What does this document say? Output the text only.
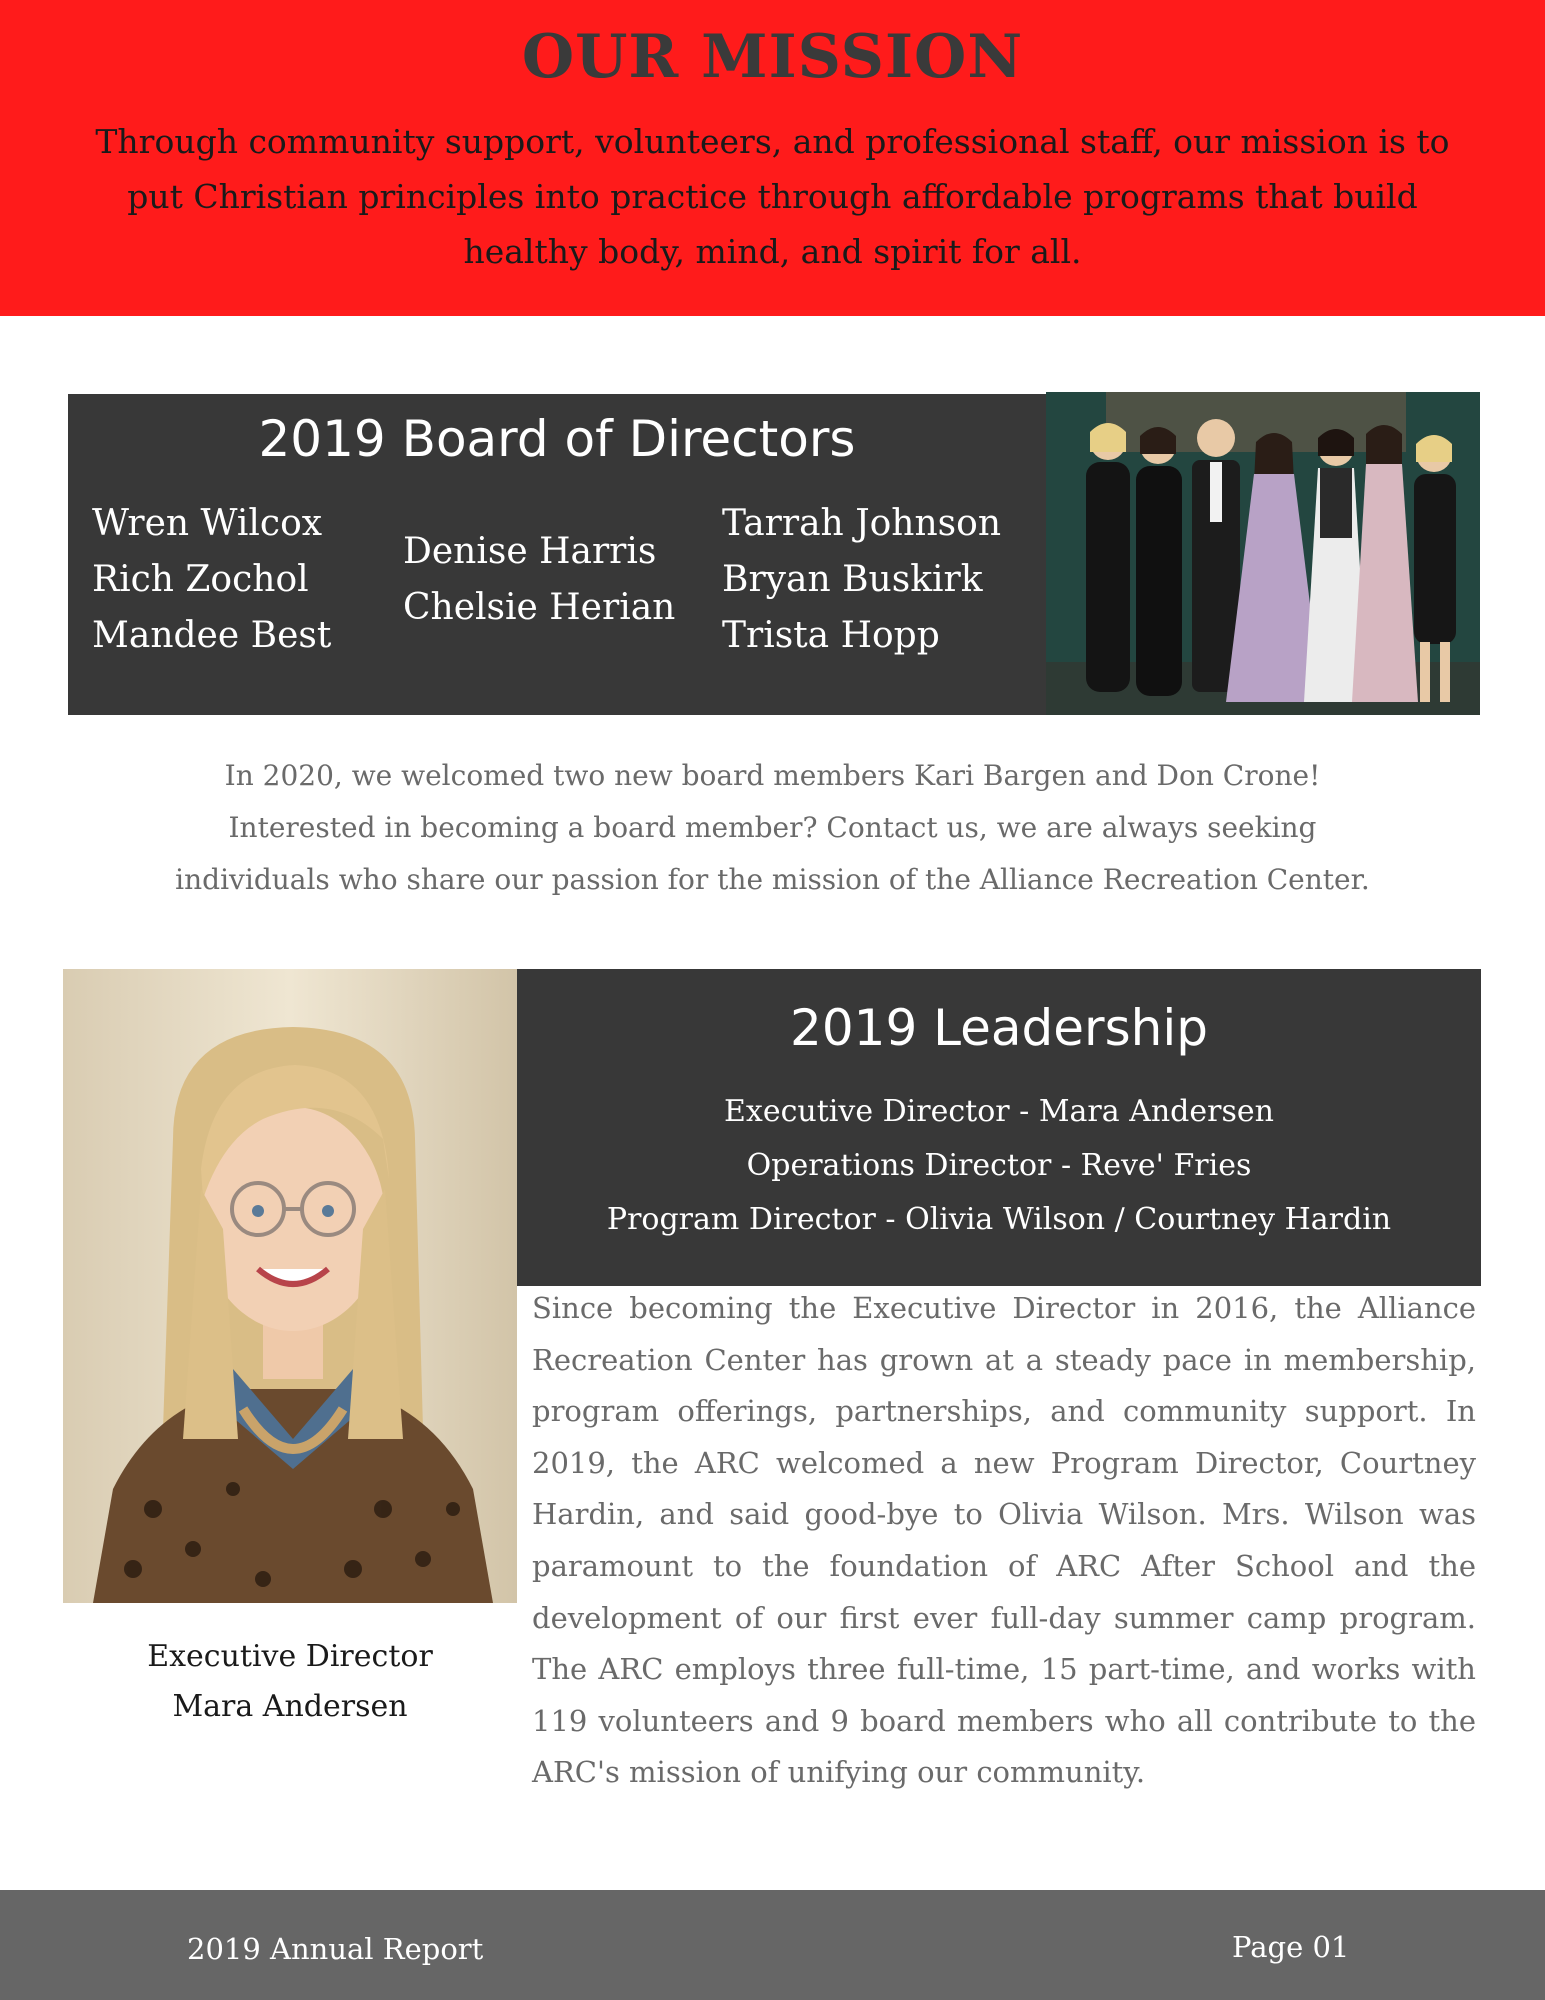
OUR MISSION
Through community support, volunteers, and professional staff, our mission is to
put Christian principles into practice through affordable programs that build
healthy body, mind, and spirit for all.
2019 Board of Directors
Wren Wilcox
Rich Zochol
Mandee Best
Denise Harris
Chelsie Herian
Tarrah Johnson
Bryan Buskirk
Trista Hopp
In 2020, we welcomed two new board members Kari Bargen and Don Crone!
Interested in becoming a board member? Contact us, we are always seeking
individuals who share our passion for the mission of the Alliance Recreation Center.
2019 Leadership
Executive Director - Mara Andersen
Operations Director - Reve' Fries
Program Director - Olivia Wilson / Courtney Hardin
Since becoming the Executive Director in 2016, the Alliance Recreation Center has grown at a steady pace in membership, program offerings, partnerships, and community support. In 2019, the ARC welcomed a new Program Director, Courtney Hardin, and said good-bye to Olivia Wilson. Mrs. Wilson was paramount to the foundation of ARC After School and the development of our first ever full-day summer camp program. The ARC employs three full-time, 15 part-time, and works with 119 volunteers and 9 board members who all contribute to the ARC's mission of unifying our community.
Executive Director
Mara Andersen
2019 Annual Report	Page 01
